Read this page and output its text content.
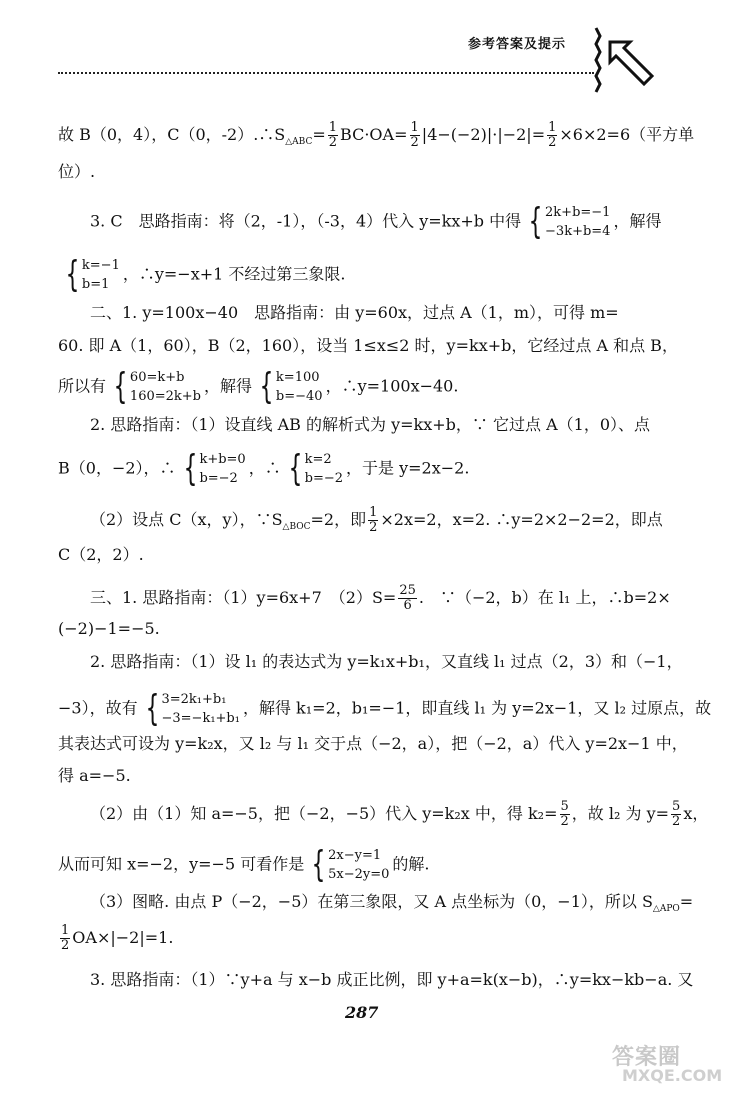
参考答案及提示
故 B（0，4），C（0，$-2).\therefore S_{\triangle ABC}= \frac{1}{2} BC\cdot OA= \frac{1}{2} |4-(-2)|\cdot|-2|= \frac{1}{2} \times 6\times 2=6$（平方单
位）.
3. C　思路指南：将（2，-1），（-3，4）代入 y=kx+b 中得 { 2k+b=−1
−3k+b=4
，解得
{ k=−1
b=1
，∴y=−x+1 不经过第三象限.
二、1. y=100x−40　思路指南：由 y=60x，过点 A（1，m），可得 m=
60. 即 A（1，60），B（2，160），设当 1≤x≤2 时，y=kx+b，它经过点 A 和点 B，
所以有 { 60=k+b
160=2k+b
，解得 { k=100
b=−40
，∴y=100x−40.
2. 思路指南：（1）设直线 AB 的解析式为 y=kx+b，∵ 它过点 A（1，0）、点
B（0，−2），∴ { k+b=0
b=−2
，∴ { k=2
b=−2
，于是 y=2x−2.
（2）设点 C（x，y），$\because S_{\triangle BOC}=2$，即 $\frac{1}{2} \times 2x=2$，x=2. ∴y=2×2−2=2，即点
C（2，2）.
三、1. 思路指南：（1）y=6x+7　$(2)S= \frac{25}{6}$ .　∵（−2，b）在 l₁ 上，∴b=2×
(−2)−1=−5.
2. 思路指南：（1）设 l₁ 的表达式为 y=k₁x+b₁，又直线 l₁ 过点（2，3）和（−1，
−3），故有 { 3=2k₁+b₁
−3=−k₁+b₁
，解得 k₁=2，b₁=−1，即直线 l₁ 为 y=2x−1，又 l₂ 过原点，故
其表达式可设为 y=k₂x，又 l₂ 与 l₁ 交于点（−2，a），把（−2，a）代入 y=2x−1 中，
得 a=−5.
（2）由（1）知 a=−5，把（−2，−5）代入 y=k₂x 中，得 $k_2= \frac{5}{2}$ ，故 l₂ 为 $y= \frac{5}{2}$ x，
从而可知 x=−2，y=−5 可看作是 { 2x−y=1
5x−2y=0
的解.
（3）图略. 由点 P（−2，−5）在第三象限，又 A 点坐标为（0，−1），所以 $S_{\triangle APO}=$
$\frac{1}{2} OA\times|-2|=1$.
3. 思路指南：（1）∵y+a 与 x−b 成正比例，即 y+a=k(x−b)，∴y=kx−kb−a. 又
287
答案圈
MXQE.COM
